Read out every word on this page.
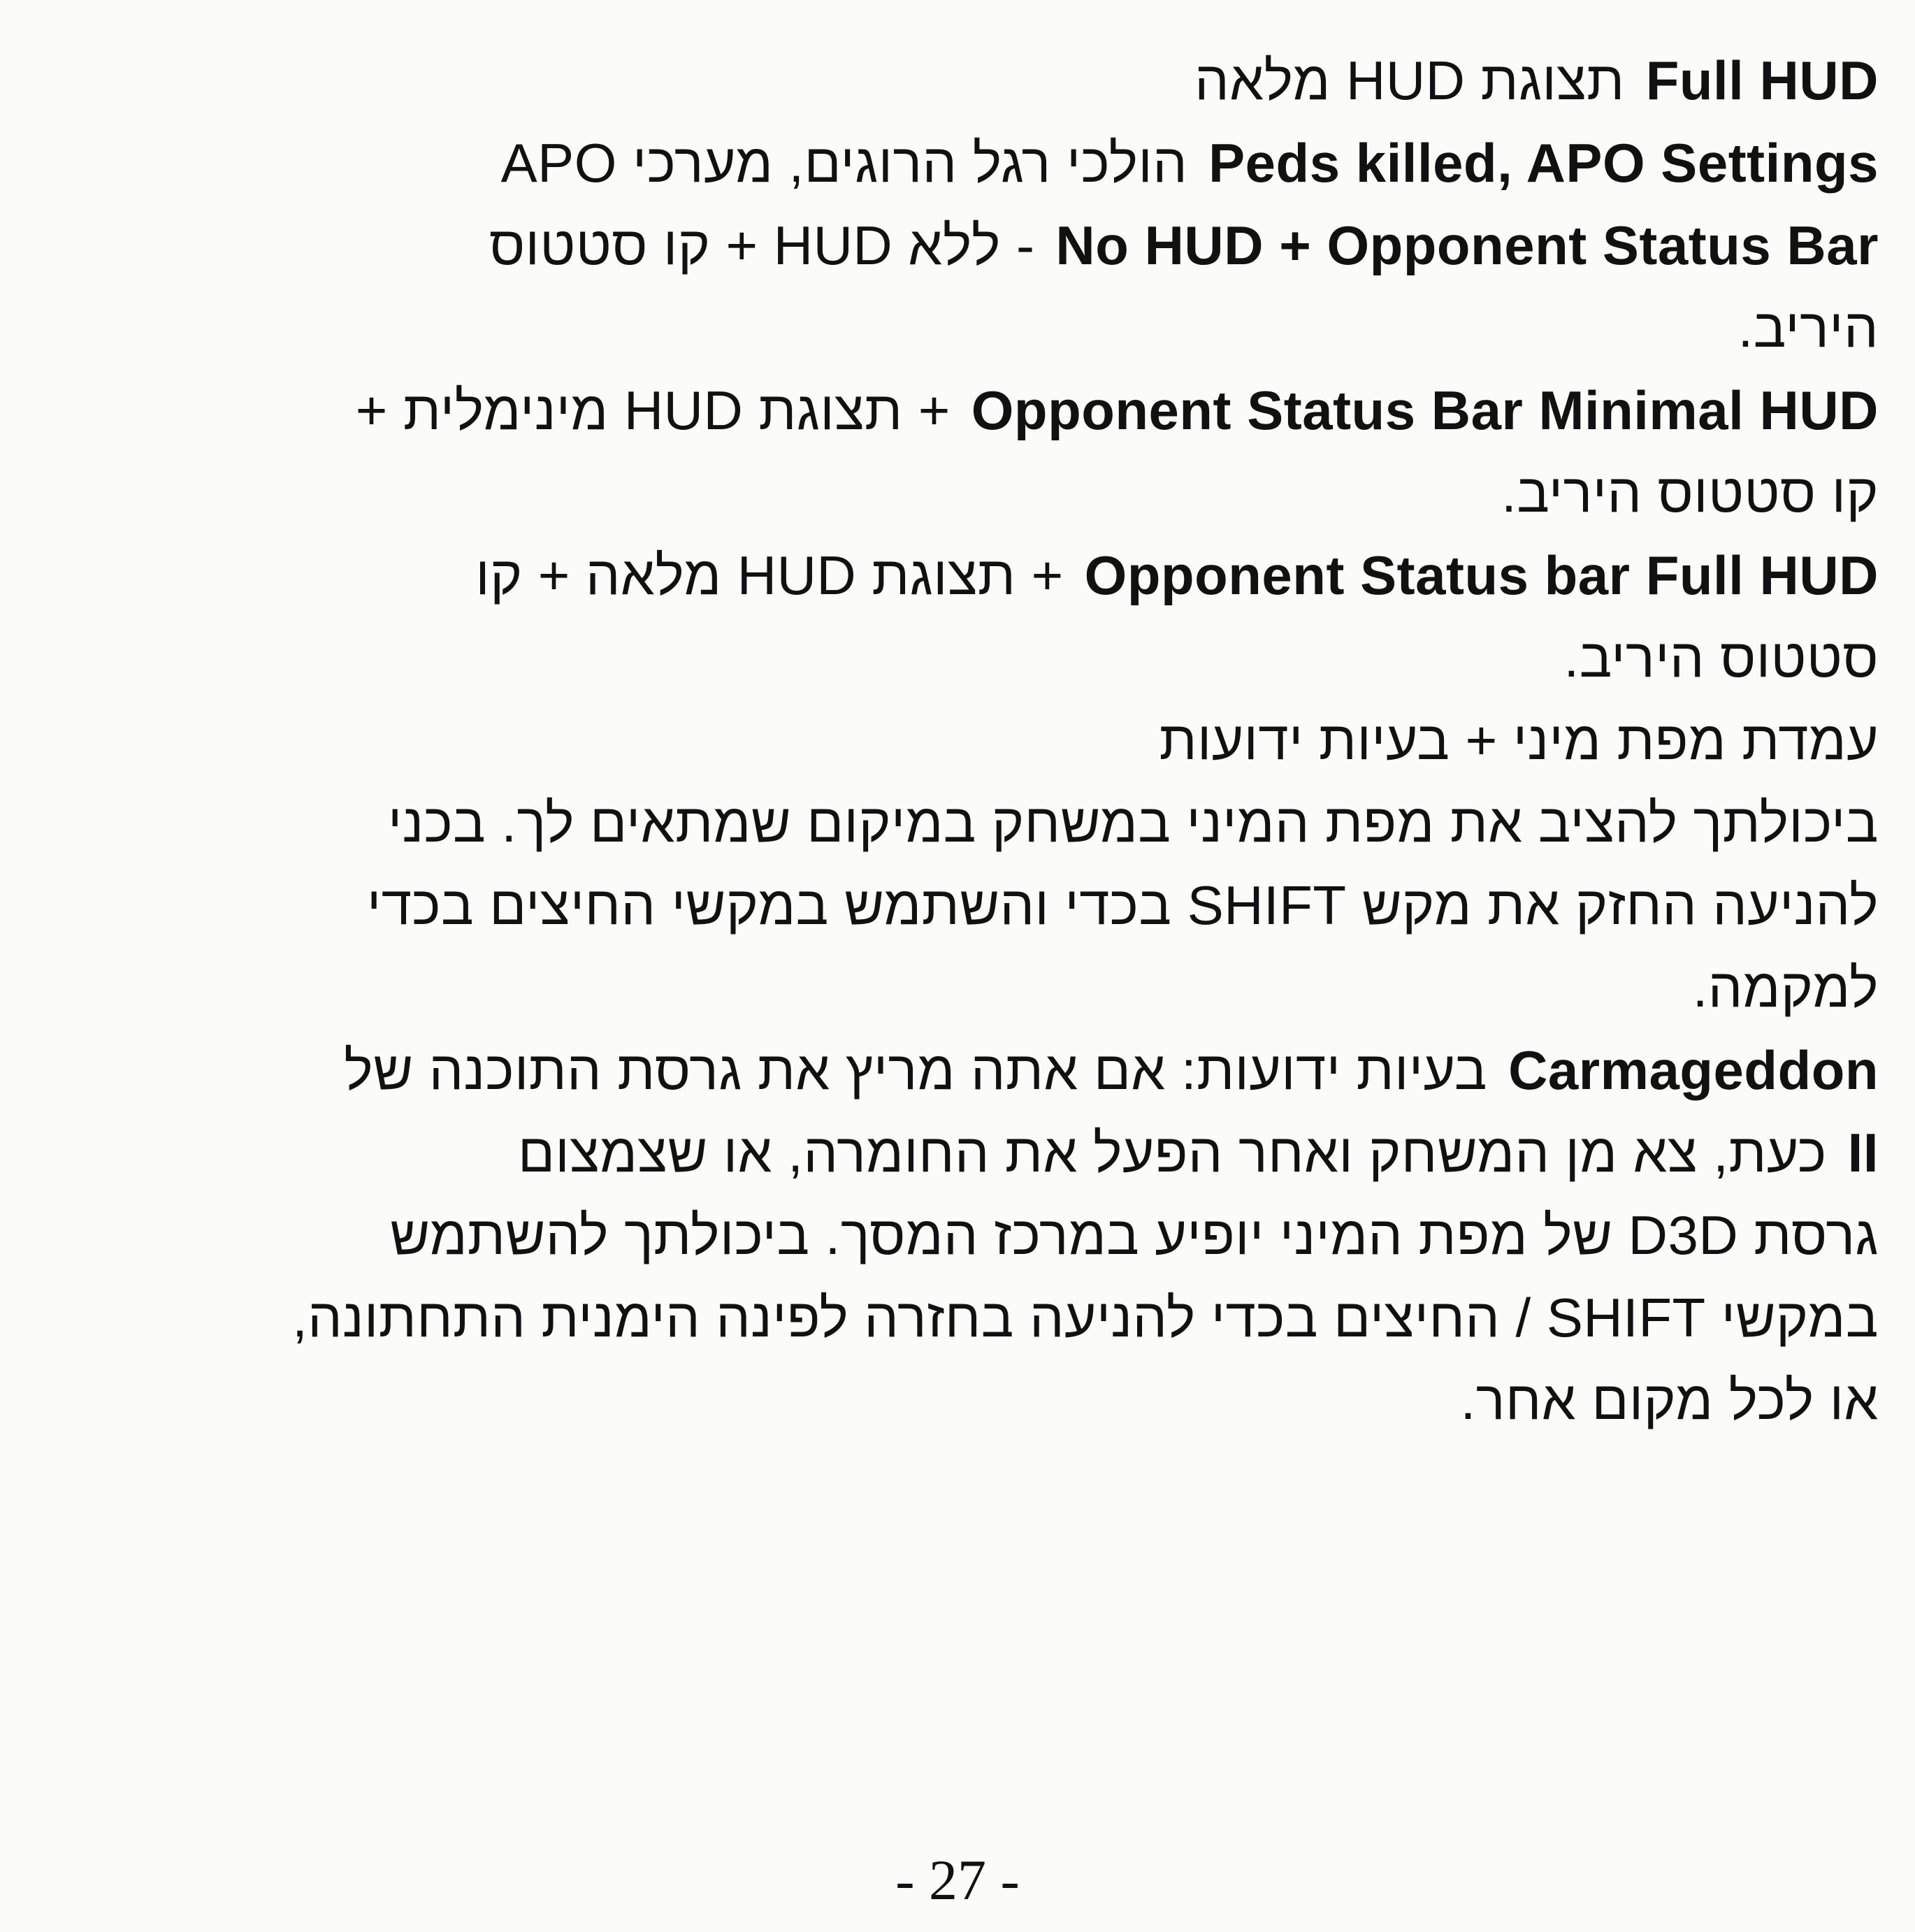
Full HUDתצוגת HUD מלאה
Peds killed, APO Settingsהולכי רגל הרוגים, מערכי APO
No HUD + Opponent Status Bar- ללא HUD + קו סטטוס
היריב.
Opponent Status Bar Minimal HUD+ תצוגת HUD מינימלית +
קו סטטוס היריב.
Opponent Status bar Full HUD+ תצוגת HUD מלאה + קו
סטטוס היריב.
עמדת מפת מיני + בעיות ידועות
ביכולתך להציב את מפת המיני במשחק במיקום שמתאים לך. בכני
להניעה החזק את מקש SHIFT בכדי והשתמש במקשי החיצים בכדי
למקמה.
Carmageddonבעיות ידועות: אם אתה מריץ את גרסת התוכנה של
IIכעת, צא מן המשחק ואחר הפעל את החומרה, או שצמצום
גרסת D3D של מפת המיני יופיע במרכז המסך. ביכולתך להשתמש
במקשי SHIFT / החיצים בכדי להניעה בחזרה לפינה הימנית התחתונה,
או לכל מקום אחר.
- 27 -
